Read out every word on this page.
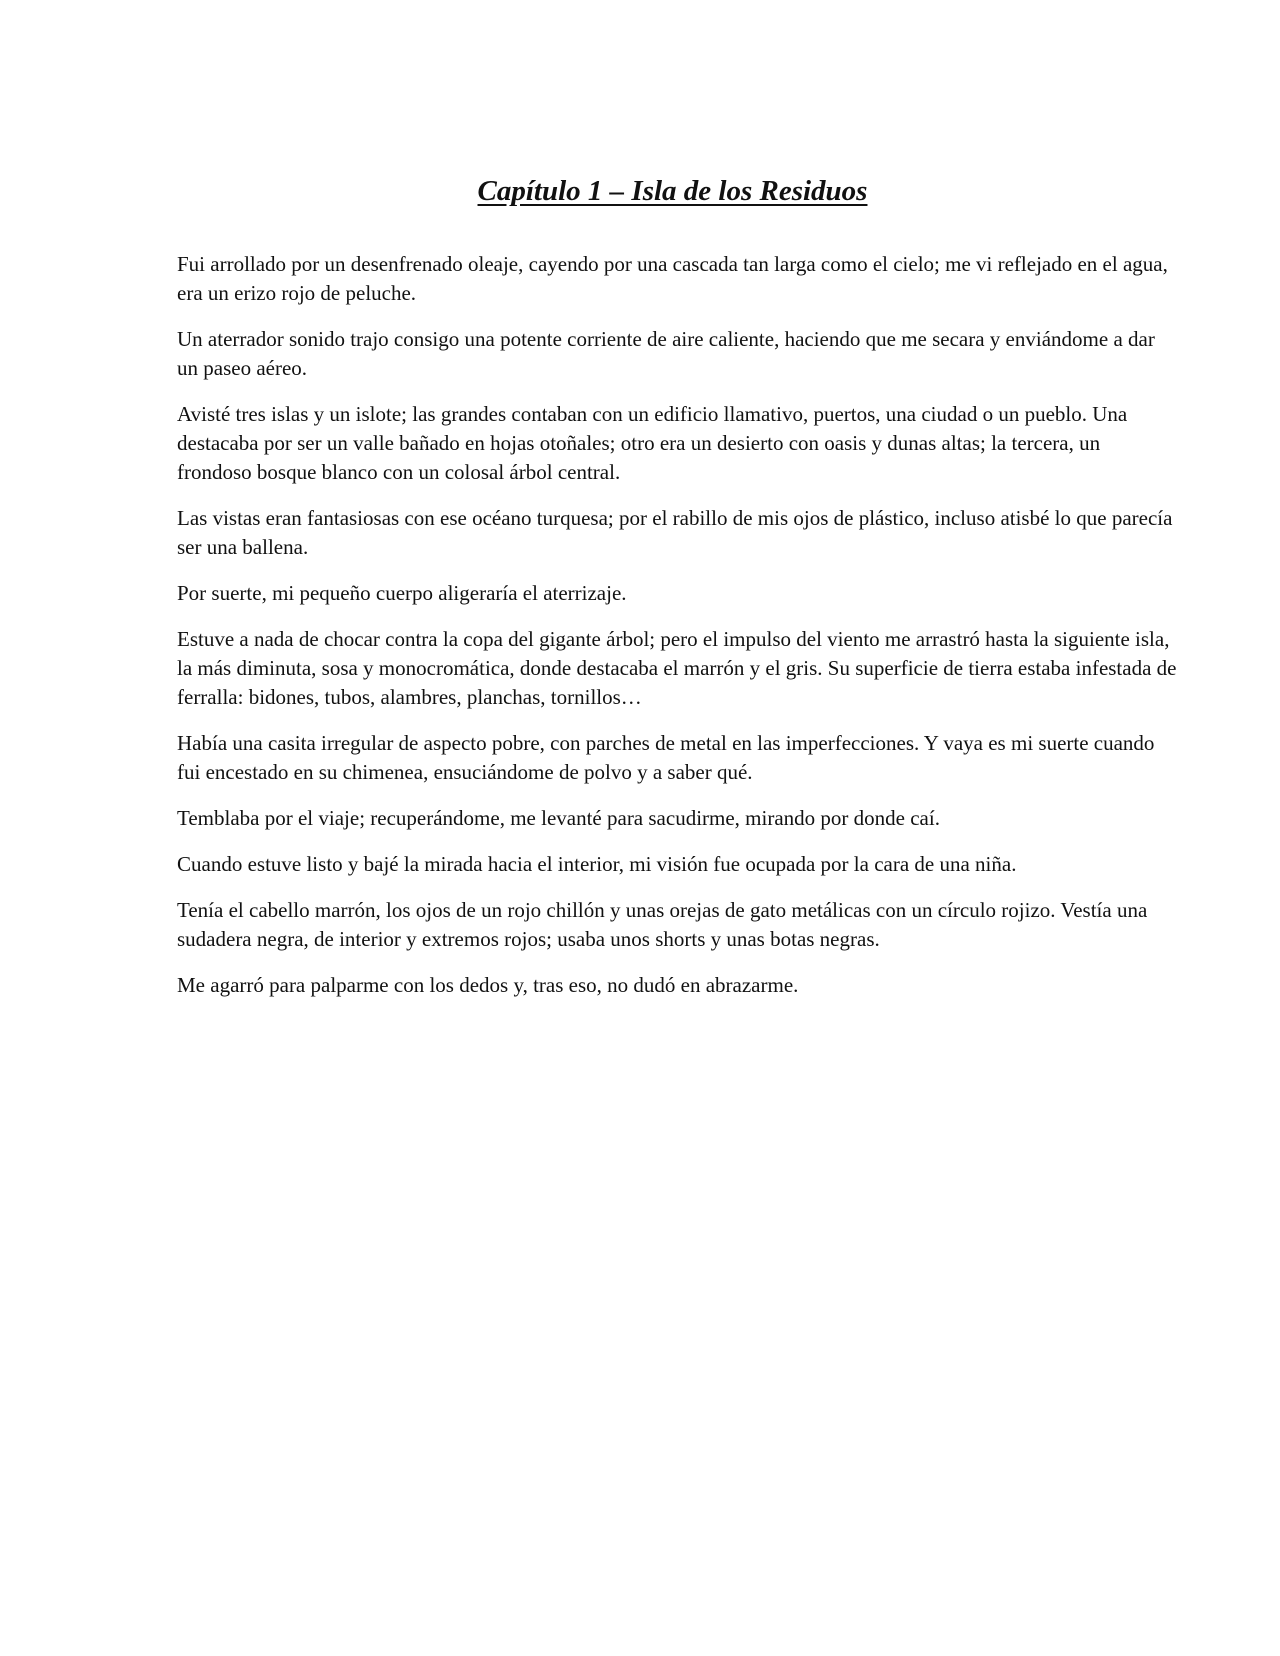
Capítulo 1 – Isla de los Residuos

Fui arrollado por un desenfrenado oleaje, cayendo por una cascada tan larga como el cielo; me vi reflejado en el agua, era un erizo rojo de peluche.

Un aterrador sonido trajo consigo una potente corriente de aire caliente, haciendo que me secara y enviándome a dar un paseo aéreo.

Avisté tres islas y un islote; las grandes contaban con un edificio llamativo, puertos, una ciudad o un pueblo. Una destacaba por ser un valle bañado en hojas otoñales; otro era un desierto con oasis y dunas altas; la tercera, un frondoso bosque blanco con un colosal árbol central.

Las vistas eran fantasiosas con ese océano turquesa; por el rabillo de mis ojos de plástico, incluso atisbé lo que parecía ser una ballena.

Por suerte, mi pequeño cuerpo aligeraría el aterrizaje.

Estuve a nada de chocar contra la copa del gigante árbol; pero el impulso del viento me arrastró hasta la siguiente isla, la más diminuta, sosa y monocromática, donde destacaba el marrón y el gris. Su superficie de tierra estaba infestada de ferralla: bidones, tubos, alambres, planchas, tornillos…

Había una casita irregular de aspecto pobre, con parches de metal en las imperfecciones. Y vaya es mi suerte cuando fui encestado en su chimenea, ensuciándome de polvo y a saber qué.

Temblaba por el viaje; recuperándome, me levanté para sacudirme, mirando por donde caí.

Cuando estuve listo y bajé la mirada hacia el interior, mi visión fue ocupada por la cara de una niña.

Tenía el cabello marrón, los ojos de un rojo chillón y unas orejas de gato metálicas con un círculo rojizo. Vestía una sudadera negra, de interior y extremos rojos; usaba unos shorts y unas botas negras.

Me agarró para palparme con los dedos y, tras eso, no dudó en abrazarme.
